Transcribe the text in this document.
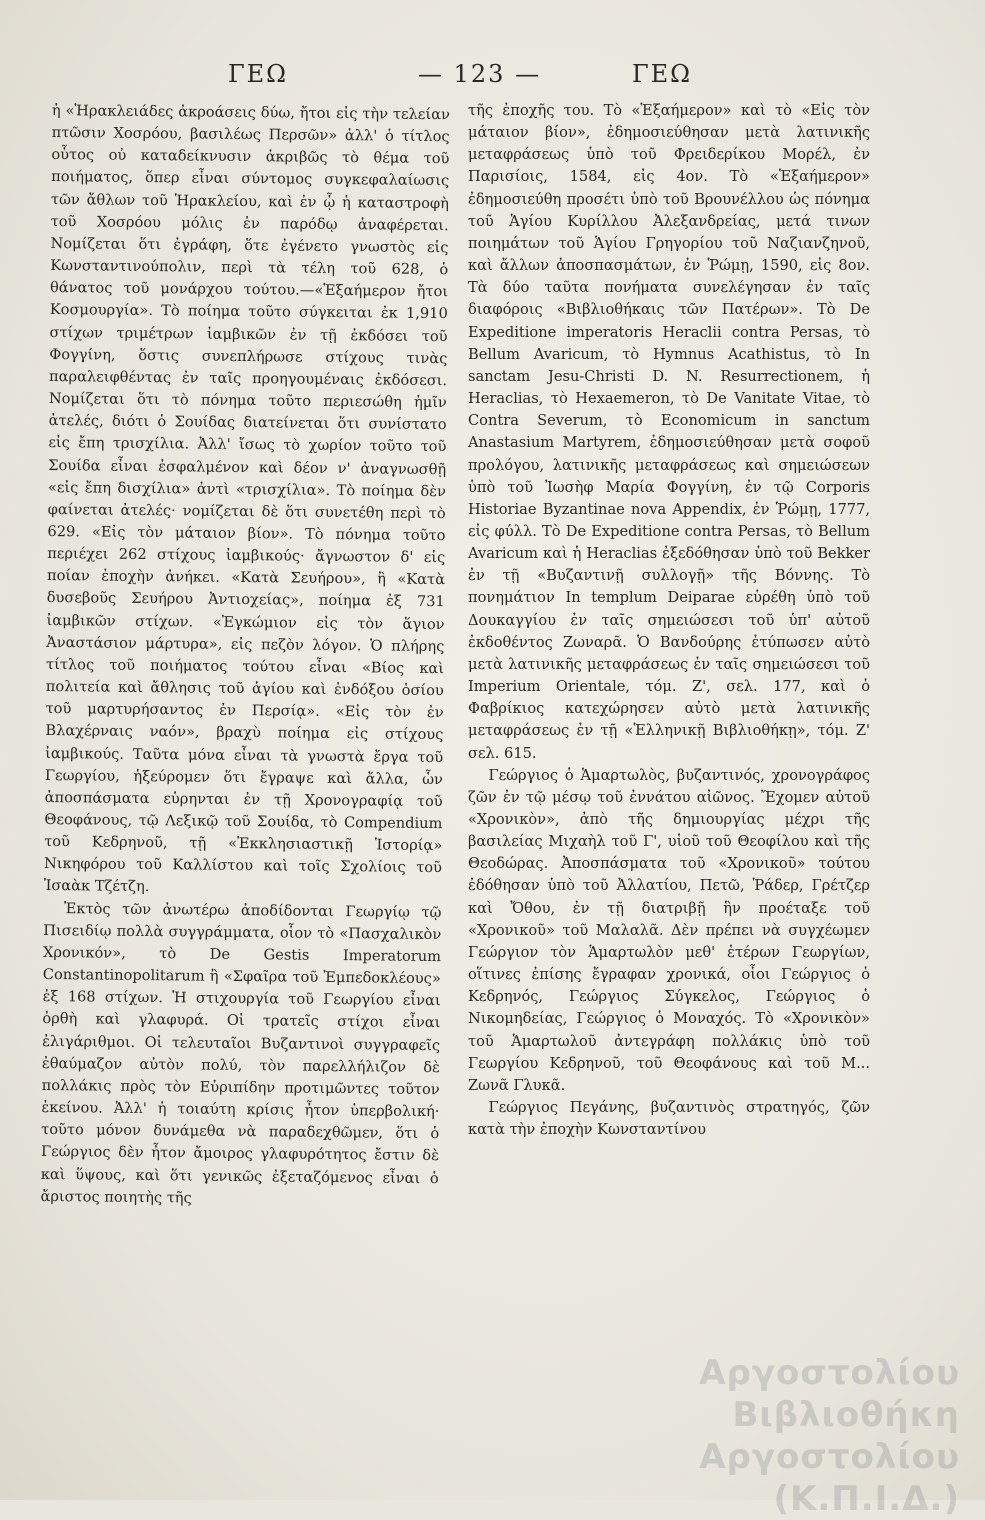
ΓΕΩ	— 123 —	ΓΕΩ

ἡ «Ἡρακλειάδες ἀκροάσεις δύω, ἤτοι εἰς τὴν τελείαν πτῶσιν Χοσρόου, βασιλέως Περσῶν» ἀλλ' ὁ τίτλος οὗτος οὐ καταδείκνυσιν ἀκριβῶς τὸ θέμα τοῦ ποιήματος, ὅπερ εἶναι σύντομος συγκεφαλαίωσις τῶν ἄθλων τοῦ Ἡρακλείου, καὶ ἐν ᾧ ἡ καταστροφὴ τοῦ Χοσρόου μόλις ἐν παρόδῳ ἀναφέρεται. Νομίζεται ὅτι ἐγράφη, ὅτε ἐγένετο γνωστὸς εἰς Κωνσταντινούπολιν, περὶ τὰ τέλη τοῦ 628, ὁ θάνατος τοῦ μονάρχου τούτου.—«Ἑξαήμερον ἤτοι Κοσμουργία». Τὸ ποίημα τοῦτο σύγκειται ἐκ 1,910 στίχων τριμέτρων ἰαμβικῶν ἐν τῇ ἐκδόσει τοῦ Φογγίνη, ὅστις συνεπλήρωσε στίχους τινὰς παραλειφθέντας ἐν ταῖς προηγουμέναις ἐκδόσεσι. Νομίζεται ὅτι τὸ πόνημα τοῦτο περιεσώθη ἡμῖν ἀτελές, διότι ὁ Σουίδας διατείνεται ὅτι συνίστατο εἰς ἔπη τρισχίλια. Ἀλλ' ἴσως τὸ χωρίον τοῦτο τοῦ Σουίδα εἶναι ἐσφαλμένον καὶ δέον ν' ἀναγνωσθῇ «εἰς ἔπη δισχίλια» ἀντὶ «τρισχίλια». Τὸ ποίημα δὲν φαίνεται ἀτελές· νομίζεται δὲ ὅτι συνετέθη περὶ τὸ 629. «Εἰς τὸν μάταιον βίον». Τὸ πόνημα τοῦτο περιέχει 262 στίχους ἰαμβικούς· ἄγνωστον δ' εἰς ποίαν ἐποχὴν ἀνήκει. «Κατὰ Σευήρου», ἢ «Κατὰ δυσεβοῦς Σευήρου Ἀντιοχείας», ποίημα ἐξ 731 ἰαμβικῶν στίχων. «Ἐγκώμιον εἰς τὸν ἅγιον Ἀναστάσιον μάρτυρα», εἰς πεζὸν λόγον. Ὁ πλήρης τίτλος τοῦ ποιήματος τούτου εἶναι «Βίος καὶ πολιτεία καὶ ἄθλησις τοῦ ἁγίου καὶ ἐνδόξου ὁσίου τοῦ μαρτυρήσαντος ἐν Περσίᾳ». «Εἰς τὸν ἐν Βλαχέρναις ναόν», βραχὺ ποίημα εἰς στίχους ἰαμβικούς. Ταῦτα μόνα εἶναι τὰ γνωστὰ ἔργα τοῦ Γεωργίου, ἡξεύρομεν ὅτι ἔγραψε καὶ ἄλλα, ὧν ἀποσπάσματα εὑρηνται ἐν τῇ Χρονογραφίᾳ τοῦ Θεοφάνους, τῷ Λεξικῷ τοῦ Σουίδα, τὸ Compendium τοῦ Κεδρηνοῦ, τῇ «Ἐκκλησιαστικῇ Ἱστορίᾳ» Νικηφόρου τοῦ Καλλίστου καὶ τοῖς Σχολίοις τοῦ Ἰσαὰκ Τζέτζη.

Ἐκτὸς τῶν ἀνωτέρω ἀποδίδονται Γεωργίῳ τῷ Πισειδίῳ πολλὰ συγγράμματα, οἷον τὸ «Πασχαλικὸν Χρονικόν», τὸ De Gestis Imperatorum Constantinopolitarum ἢ «Σφαῖρα τοῦ Ἐμπεδοκλέους» ἐξ 168 στίχων. Ἡ στιχουργία τοῦ Γεωργίου εἶναι ὀρθὴ καὶ γλαφυρά. Οἱ τρατεῖς στίχοι εἶναι ἐλιγάριθμοι. Οἱ τελευταῖοι Βυζαντινοὶ συγγραφεῖς ἐθαύμαζον αὐτὸν πολύ, τὸν παρελλήλιζον δὲ πολλάκις πρὸς τὸν Εὐριπίδην προτιμῶντες τοῦτον ἐκείνου. Ἀλλ' ἡ τοιαύτη κρίσις ἦτον ὑπερβολική· τοῦτο μόνον δυνάμεθα νὰ παραδεχθῶμεν, ὅτι ὁ Γεώργιος δὲν ἦτον ἄμοιρος γλαφυρότητος ἔστιν δὲ καὶ ὕψους, καὶ ὅτι γενικῶς ἐξεταζόμενος εἶναι ὁ ἄριστος ποιητὴς τῆς

τῆς ἐποχῆς του. Τὸ «Ἑξαήμερον» καὶ τὸ «Εἰς τὸν μάταιον βίον», ἐδημοσιεύθησαν μετὰ λατινικῆς μεταφράσεως ὑπὸ τοῦ Φρειδερίκου Μορέλ, ἐν Παρισίοις, 1584, εἰς 4ον. Τὸ «Ἑξαήμερον» ἐδημοσιεύθη προσέτι ὑπὸ τοῦ Βρουνέλλου ὡς πόνημα τοῦ Ἁγίου Κυρίλλου Ἀλεξανδρείας, μετά τινων ποιημάτων τοῦ Ἁγίου Γρηγορίου τοῦ Ναζιανζηνοῦ, καὶ ἄλλων ἀποσπασμάτων, ἐν Ῥώμῃ, 1590, εἰς 8ον. Τὰ δύο ταῦτα πονήματα συνελέγησαν ἐν ταῖς διαφόροις «Βιβλιοθήκαις τῶν Πατέρων». Τὸ De Expeditione imperatoris Heraclii contra Persas, τὸ Bellum Avaricum, τὸ Hymnus Acathistus, τὸ In sanctam Jesu-Christi D. N. Resurrectionem, ἡ Heraclias, τὸ Hexaemeron, τὸ De Vanitate Vitae, τὸ Contra Severum, τὸ Economicum in sanctum Anastasium Martyrem, ἐδημοσιεύθησαν μετὰ σοφοῦ προλόγου, λατινικῆς μεταφράσεως καὶ σημειώσεων ὑπὸ τοῦ Ἰωσὴφ Μαρία Φογγίνη, ἐν τῷ Corporis Historiae Byzantinae nova Appendix, ἐν Ῥώμῃ, 1777, εἰς φύλλ. Τὸ De Expeditione contra Persas, τὸ Bellum Avaricum καὶ ἡ Heraclias ἐξεδόθησαν ὑπὸ τοῦ Bekker ἐν τῇ «Βυζαντινῇ συλλογῇ» τῆς Βόννης. Τὸ πονημάτιον In templum Deiparae εὑρέθη ὑπὸ τοῦ Δουκαγγίου ἐν ταῖς σημειώσεσι τοῦ ὑπ' αὐτοῦ ἐκδοθέντος Ζωναρᾶ. Ὁ Βανδούρης ἐτύπωσεν αὐτὸ μετὰ λατινικῆς μεταφράσεως ἐν ταῖς σημειώσεσι τοῦ Imperium Orientale, τόμ. Ζ', σελ. 177, καὶ ὁ Φαβρίκιος κατεχώρησεν αὐτὸ μετὰ λατινικῆς μεταφράσεως ἐν τῇ «Ἑλληνικῇ Βιβλιοθήκῃ», τόμ. Ζ' σελ. 615.

Γεώργιος ὁ Ἁμαρτωλὸς, βυζαντινός, χρονογράφος ζῶν ἐν τῷ μέσῳ τοῦ ἐννάτου αἰῶνος. Ἔχομεν αὐτοῦ «Χρονικὸν», ἀπὸ τῆς δημιουργίας μέχρι τῆς βασιλείας Μιχαὴλ τοῦ Γ', υἱοῦ τοῦ Θεοφίλου καὶ τῆς Θεοδώρας. Ἀποσπάσματα τοῦ «Χρονικοῦ» τούτου ἐδόθησαν ὑπὸ τοῦ Ἀλλατίου, Πετῶ, Ῥάδερ, Γρέτζερ καὶ Ὄθου, ἐν τῇ διατριβῇ ἣν προέταξε τοῦ «Χρονικοῦ» τοῦ Μαλαλᾶ. Δὲν πρέπει νὰ συγχέωμεν Γεώργιον τὸν Ἁμαρτωλὸν μεθ' ἑτέρων Γεωργίων, οἵτινες ἐπίσης ἔγραφαν χρονικά, οἷοι Γεώργιος ὁ Κεδρηνός, Γεώργιος Σύγκελος, Γεώργιος ὁ Νικομηδείας, Γεώργιος ὁ Μοναχός. Τὸ «Χρονικὸν» τοῦ Ἁμαρτωλοῦ ἀντεγράφη πολλάκις ὑπὸ τοῦ Γεωργίου Κεδρηνοῦ, τοῦ Θεοφάνους καὶ τοῦ Μ... Ζωνᾶ Γλυκᾶ.

Γεώργιος Πεγάνης, βυζαντινὸς στρατηγός, ζῶν κατὰ τὴν ἐποχὴν Κωνσταντίνου

Αργοστολίου Βιβλιοθήκη Αργοστολίου (Κ.Π.Ι.Δ.)
